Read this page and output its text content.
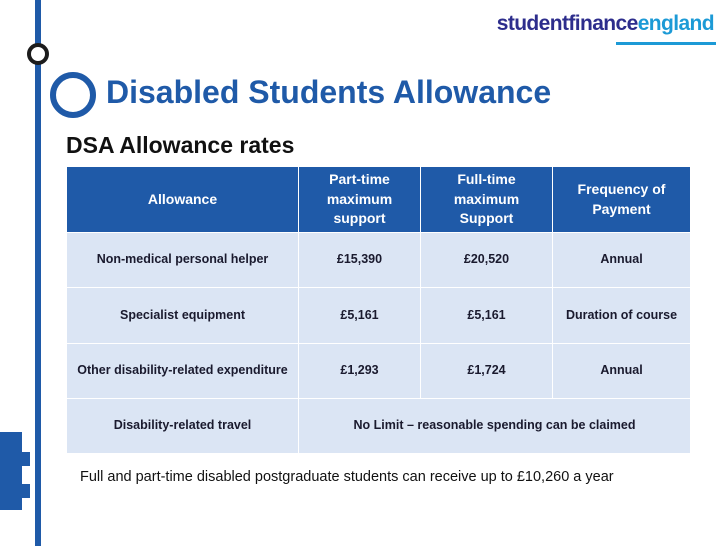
studentfinanceengland
Disabled Students Allowance
DSA Allowance rates
Allowance	Part-time maximum support	Full-time maximum Support	Frequency of Payment
Non-medical personal helper	£15,390	£20,520	Annual
Specialist equipment	£5,161	£5,161	Duration of course
Other disability-related expenditure	£1,293	£1,724	Annual
Disability-related travel	No Limit – reasonable spending can be claimed		
Full and part-time disabled postgraduate students can receive up to £10,260 a year
